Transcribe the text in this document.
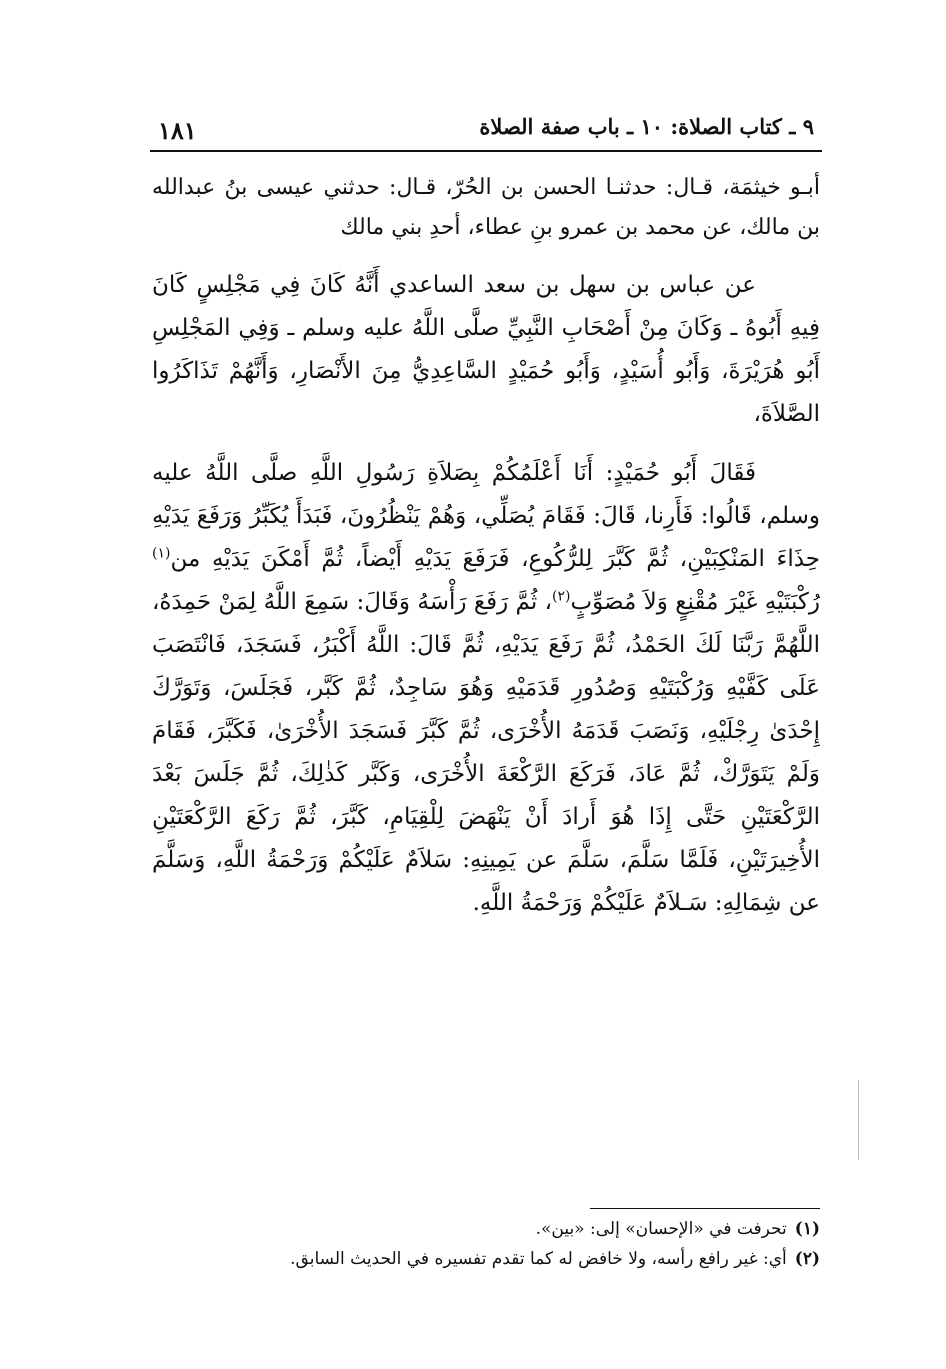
٩ ـ كتاب الصلاة: ١٠ ـ باب صفة الصلاة
١٨١

أبـو خيثمَة، قـال: حدثنـا الحسن بن الحُرّ، قـال: حدثني عيسى بنُ عبدالله بن مالك، عن محمد بن عمرو بنِ عطاء، أحدِ بني مالك

عن عباس بن سهل بن سعد الساعدي أَنَّهُ كَانَ فِي مَجْلِسٍ كَانَ فِيهِ أَبُوهُ ـ وَكَانَ مِنْ أَصْحَابِ النَّبِيِّ صلَّى اللَّهُ عليه وسلم ـ وَفِي المَجْلِسِ أَبُو هُرَيْرَةَ، وَأَبُو أُسَيْدٍ، وَأَبُو حُمَيْدٍ السَّاعِدِيُّ مِنَ الأَنْصَارِ، وَأَنَّهُمْ تَذَاكَرُوا الصَّلاَةَ،

فَقَالَ أَبُو حُمَيْدٍ: أَنَا أَعْلَمُكُمْ بِصَلاَةِ رَسُولِ اللَّهِ صلَّى اللَّهُ عليه وسلم، قَالُوا: فَأَرِنا، قَالَ: فَقَامَ يُصَلِّي، وَهُمْ يَنْظُرُونَ، فَبَدَأَ يُكَبِّرُ وَرَفَعَ يَدَيْهِ حِذَاءَ المَنْكِبَيْنِ، ثُمَّ كَبَّرَ لِلرُّكُوعِ، فَرَفَعَ يَدَيْهِ أَيْضاً، ثُمَّ أَمْكَنَ يَدَيْهِ من$^{(١)}$ رُكْبَتَيْهِ غَيْرَ مُقْنِعٍ وَلاَ مُصَوِّبٍ$^{(٢)}$، ثُمَّ رَفَعَ رَأْسَهُ وَقَالَ: سَمِعَ اللَّهُ لِمَنْ حَمِدَهُ، اللَّهُمَّ رَبَّنَا لَكَ الحَمْدُ، ثُمَّ رَفَعَ يَدَيْهِ، ثُمَّ قَالَ: اللَّهُ أَكْبَرُ، فَسَجَدَ، فَانْتَصَبَ عَلَى كَفَّيْهِ وَرُكْبَتَيْهِ وَصُدُورِ قَدَمَيْهِ وَهُوَ سَاجِدٌ، ثُمَّ كَبَّر، فَجَلَسَ، وَتَوَرَّكَ إِحْدَىٰ رِجْلَيْهِ، وَنَصَبَ قَدَمَهُ الأُخْرَى، ثُمَّ كَبَّرَ فَسَجَدَ الأُخْرَىٰ، فَكَبَّرَ، فَقَامَ وَلَمْ يَتَوَرَّكْ، ثُمَّ عَادَ، فَرَكَعَ الرَّكْعَةَ الأُخْرَى، وَكَبَّر كَذٰلِكَ، ثُمَّ جَلَسَ بَعْدَ الرَّكْعَتَيْنِ حَتَّى إِذَا هُوَ أَرادَ أَنْ يَنْهَضَ لِلْقِيَامِ، كَبَّرَ، ثُمَّ رَكَعَ الرَّكْعَتَيْنِ الأُخِيرَتَيْنِ، فَلَمَّا سَلَّمَ، سَلَّمَ عن يَمِينِهِ: سَلاَمٌ عَلَيْكُمْ وَرَحْمَةُ اللَّهِ، وَسَلَّمَ عن شِمَالِهِ: سَـلاَمٌ عَلَيْكُمْ وَرَحْمَةُ اللَّهِ.

(١)تحرفت في «الإحسان» إلى: «بين».
(٢)أي: غير رافع رأسه، ولا خافض له كما تقدم تفسيره في الحديث السابق.
